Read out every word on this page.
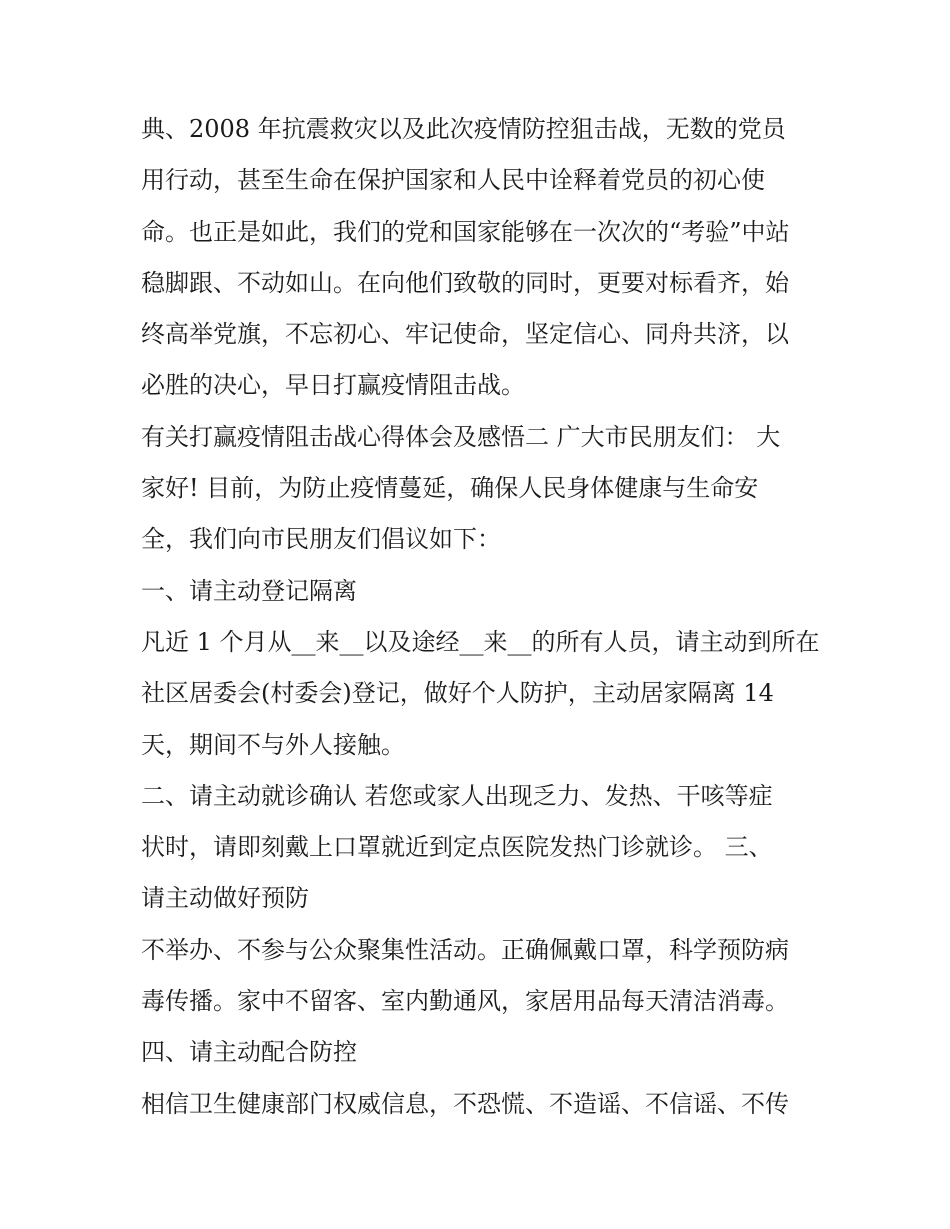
典、2008 年抗震救灾以及此次疫情防控狙击战，无数的党员
用行动，甚至生命在保护国家和人民中诠释着党员的初心使
命。也正是如此，我们的党和国家能够在一次次的“考验”中站
稳脚跟、不动如山。在向他们致敬的同时，更要对标看齐，始
终高举党旗，不忘初心、牢记使命，坚定信心、同舟共济，以
必胜的决心，早日打赢疫情阻击战。
有关打赢疫情阻击战心得体会及感悟二 广大市民朋友们： 大
家好! 目前，为防止疫情蔓延，确保人民身体健康与生命安
全，我们向市民朋友们倡议如下：
一、请主动登记隔离
凡近 1 个月从__来__以及途经__来__的所有人员，请主动到所在
社区居委会(村委会)登记，做好个人防护，主动居家隔离 14
天，期间不与外人接触。
二、请主动就诊确认 若您或家人出现乏力、发热、干咳等症
状时，请即刻戴上口罩就近到定点医院发热门诊就诊。 三、
请主动做好预防
不举办、不参与公众聚集性活动。正确佩戴口罩，科学预防病
毒传播。家中不留客、室内勤通风，家居用品每天清洁消毒。
四、请主动配合防控
相信卫生健康部门权威信息，不恐慌、不造谣、不信谣、不传
